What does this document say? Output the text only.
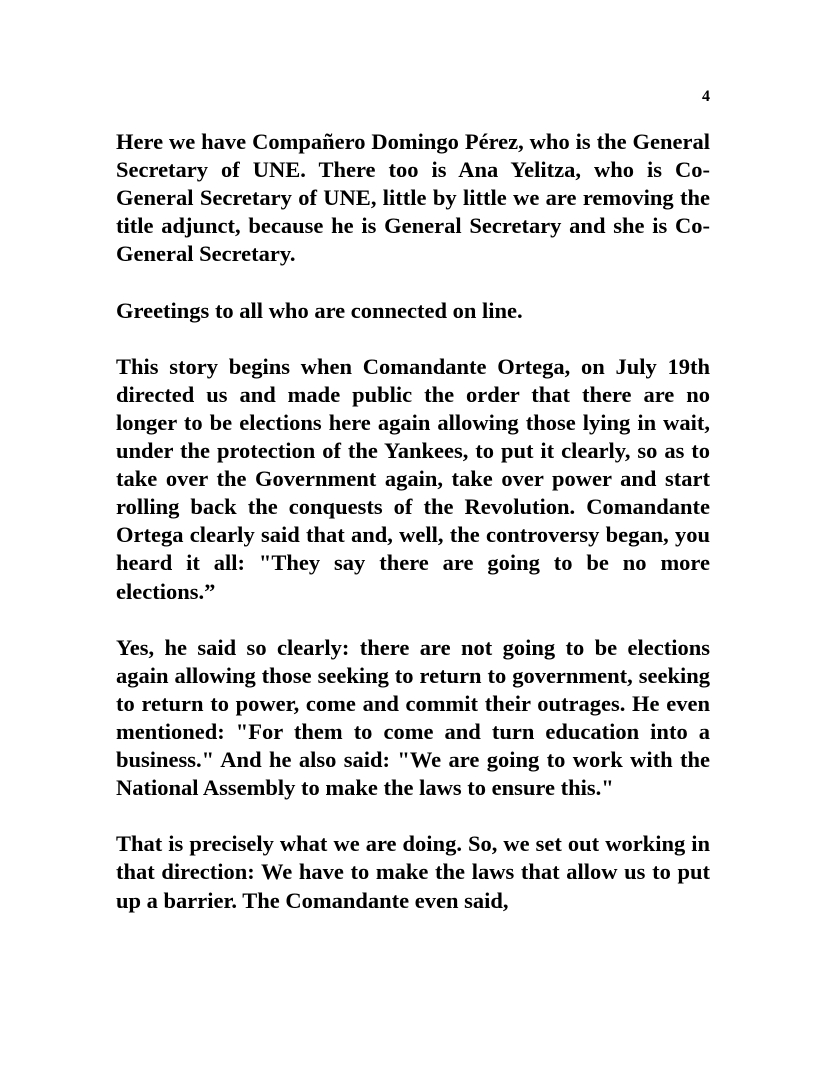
4

Here we have Compañero Domingo Pérez, who is the General Secretary of UNE. There too is Ana Yelitza, who is Co- General Secretary of UNE, little by little we are removing the title adjunct, because he is General Secretary and she is Co- General Secretary.

Greetings to all who are connected on line.

This story begins when Comandante Ortega, on July 19th directed us and made public the order that there are no longer to be elections here again allowing those lying in wait, under the protection of the Yankees, to put it clearly, so as to take over the Government again, take over power and start rolling back the conquests of the Revolution. Comandante Ortega clearly said that and, well, the controversy began, you heard it all: "They say there are going to be no more elections.”

Yes, he said so clearly: there are not going to be elections again allowing those seeking to return to government, seeking to return to power, come and commit their outrages. He even mentioned: "For them to come and turn education into a business." And he also said: "We are going to work with the National Assembly to make the laws to ensure this."

That is precisely what we are doing. So, we set out working in that direction: We have to make the laws that allow us to put up a barrier. The Comandante even said,
